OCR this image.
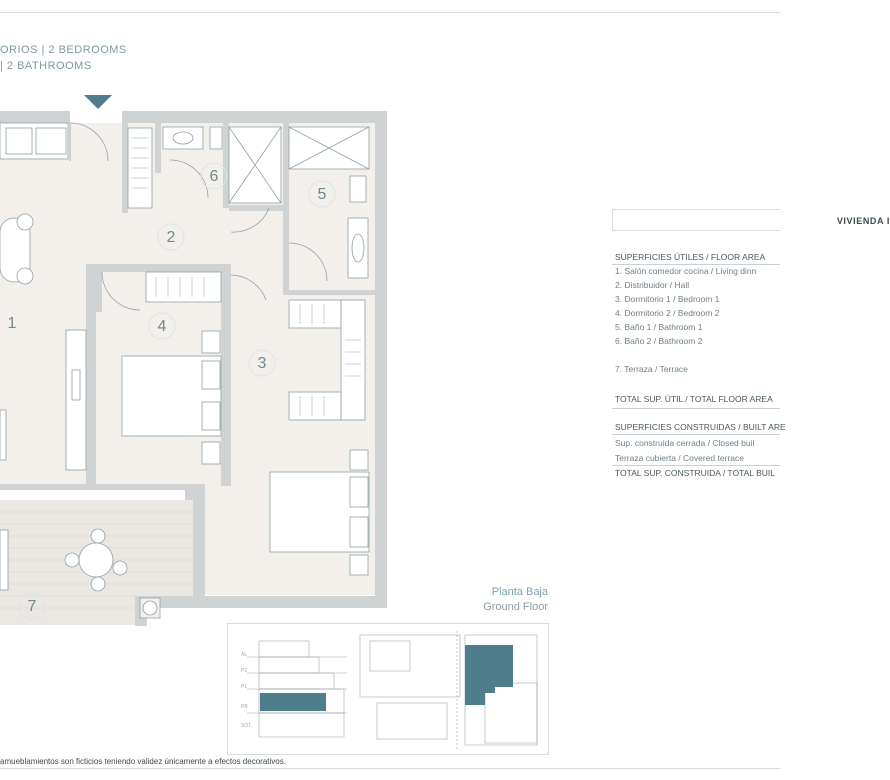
ORIOS | 2 BEDROOMS
| 2 BATHROOMS
1
2
3
4
5
6
7
Planta Baja
Ground Floor
Át.
P2
P1
PB
SÓT.
VIVIENDA I
SUPERFICIES ÚTILES / FLOOR AREA
1. Salón comedor cocina / Living dinn
2. Distribuidor / Hall
3. Dormitorio 1 / Bedroom 1
4. Dormitorio 2 / Bedroom 2
5. Baño 1 / Bathroom 1
6. Baño 2 / Bathroom 2
7. Terraza / Terrace
TOTAL SUP. ÚTIL / TOTAL FLOOR AREA
SUPERFICIES CONSTRUIDAS / BUILT ARE
Sup. construida cerrada / Closed buil
Terraza cubierta / Covered terrace
TOTAL SUP. CONSTRUIDA / TOTAL BUIL
amueblamientos son ficticios teniendo validez únicamente a efectos decorativos.
